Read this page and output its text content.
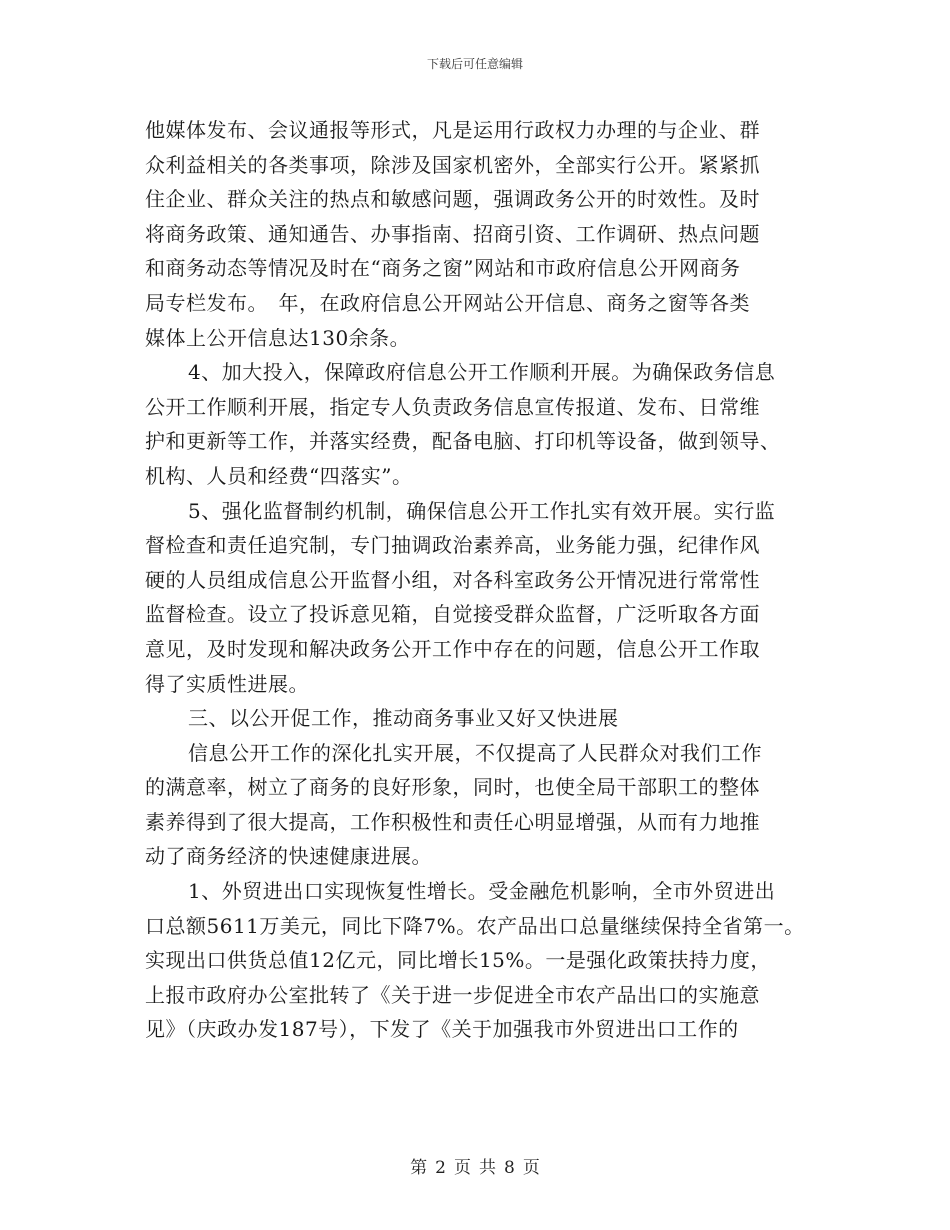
下载后可任意编辑
他媒体发布、会议通报等形式，凡是运用行政权力办理的与企业、群
众利益相关的各类事项，除涉及国家机密外，全部实行公开。紧紧抓
住企业、群众关注的热点和敏感问题，强调政务公开的时效性。及时
将商务政策、通知通告、办事指南、招商引资、工作调研、热点问题
和商务动态等情况及时在“商务之窗”网站和市政府信息公开网商务
局专栏发布。　年，在政府信息公开网站公开信息、商务之窗等各类
媒体上公开信息达130余条。
4、加大投入，保障政府信息公开工作顺利开展。为确保政务信息
公开工作顺利开展，指定专人负责政务信息宣传报道、发布、日常维
护和更新等工作，并落实经费，配备电脑、打印机等设备，做到领导、
机构、人员和经费“四落实”。
5、强化监督制约机制，确保信息公开工作扎实有效开展。实行监
督检查和责任追究制，专门抽调政治素养高，业务能力强，纪律作风
硬的人员组成信息公开监督小组，对各科室政务公开情况进行常常性
监督检查。设立了投诉意见箱，自觉接受群众监督，广泛听取各方面
意见，及时发现和解决政务公开工作中存在的问题，信息公开工作取
得了实质性进展。
三、以公开促工作，推动商务事业又好又快进展
信息公开工作的深化扎实开展，不仅提高了人民群众对我们工作
的满意率，树立了商务的良好形象，同时，也使全局干部职工的整体
素养得到了很大提高，工作积极性和责任心明显增强，从而有力地推
动了商务经济的快速健康进展。
1、外贸进出口实现恢复性增长。受金融危机影响，全市外贸进出
口总额5611万美元，同比下降7%。农产品出口总量继续保持全省第一。
实现出口供货总值12亿元，同比增长15%。一是强化政策扶持力度，
上报市政府办公室批转了《关于进一步促进全市农产品出口的实施意
见》（庆政办发187号），下发了《关于加强我市外贸进出口工作的
第 2 页 共 8 页
